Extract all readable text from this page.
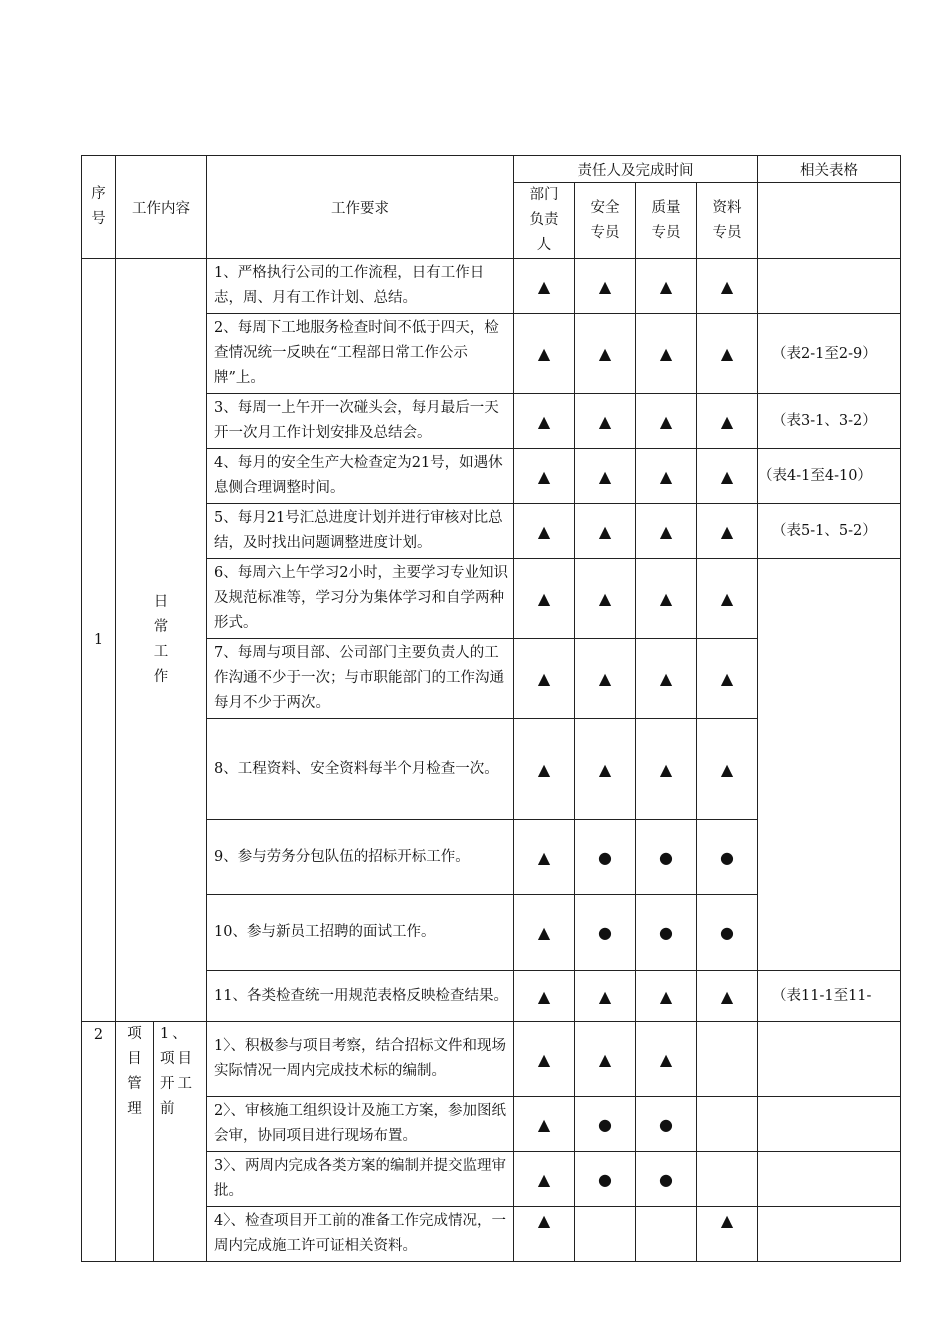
序号	工作内容		工作要求	责任人及完成时间				相关表格
				部门负责人	安全专员	质量专员	资料专员	
1	日常工作		1、严格执行公司的工作流程，日有工作日志，周、月有工作计划、总结。	▲	▲	▲	▲	
			2、每周下工地服务检查时间不低于四天，检查情况统一反映在“工程部日常工作公示牌”上。	▲	▲	▲	▲	（表2-1至2-9）
			3、每周一上午开一次碰头会，每月最后一天开一次月工作计划安排及总结会。	▲	▲	▲	▲	（表3-1、3-2）
			4、每月的安全生产大检查定为21号，如遇休息侧合理调整时间。	▲	▲	▲	▲	（表4-1至4-10）
			5、每月21号汇总进度计划并进行审核对比总结，及时找出问题调整进度计划。	▲	▲	▲	▲	（表5-1、5-2）
			6、每周六上午学习2小时，主要学习专业知识及规范标准等，学习分为集体学习和自学两种形式。	▲	▲	▲	▲	
			7、每周与项目部、公司部门主要负责人的工作沟通不少于一次；与市职能部门的工作沟通每月不少于两次。	▲	▲	▲	▲	
			8、工程资料、安全资料每半个月检查一次。	▲	▲	▲	▲	
			9、参与劳务分包队伍的招标开标工作。	▲	●	●	●	
			10、参与新员工招聘的面试工作。	▲	●	●	●	
			11、各类检查统一用规范表格反映检查结果。	▲	▲	▲	▲	（表11-1至11-
2	项目管理	1、项目开工前	1〉、积极参与项目考察，结合招标文件和现场实际情况一周内完成技术标的编制。	▲	▲	▲		
			2〉、审核施工组织设计及施工方案，参加图纸会审，协同项目进行现场布置。	▲	●	●		
			3〉、两周内完成各类方案的编制并提交监理审批。	▲	●	●		
			4〉、检查项目开工前的准备工作完成情况，一周内完成施工许可证相关资料。	▲			▲	
